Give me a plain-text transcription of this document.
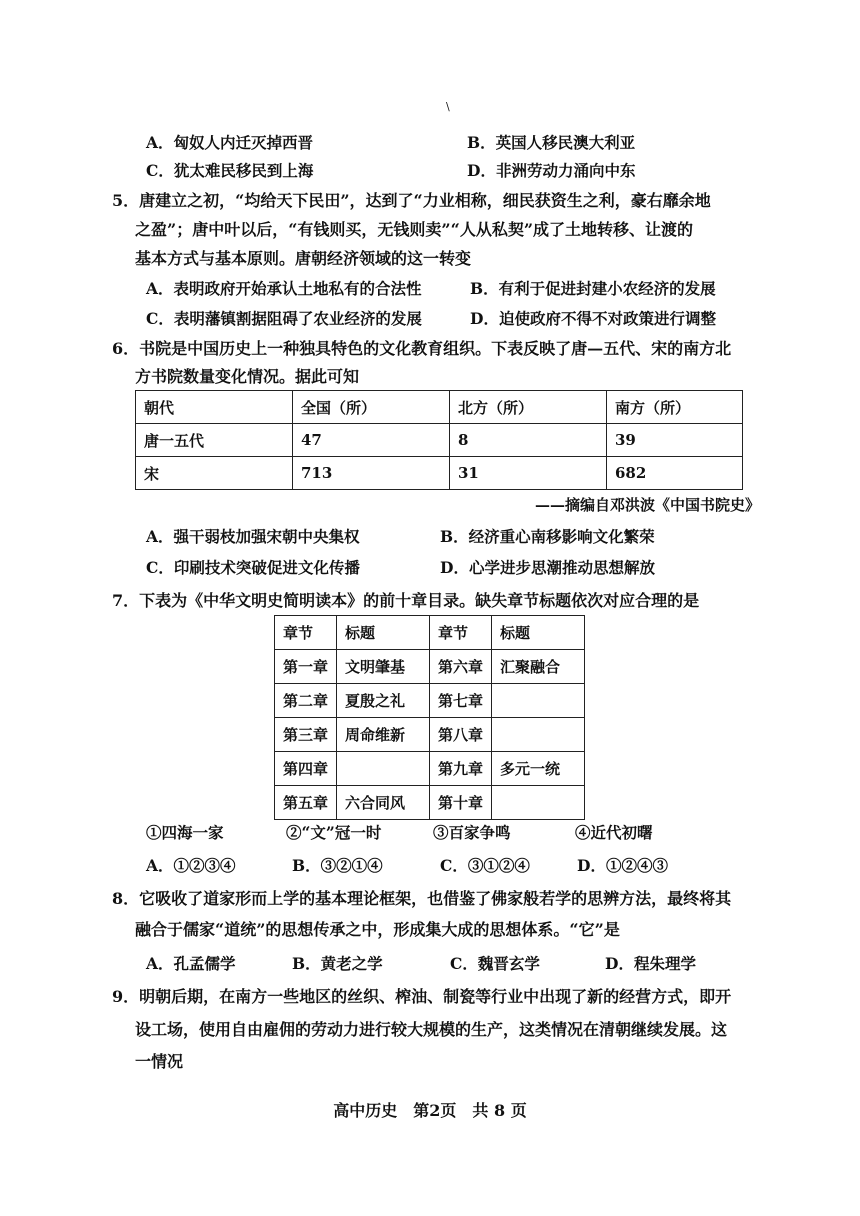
\
A．匈奴人内迁灭掉西晋	B．英国人移民澳大利亚
C．犹太难民移民到上海	D．非洲劳动力涌向中东
5．唐建立之初，“均给天下民田”，达到了“力业相称，细民获资生之利，豪右靡余地
之盈”；唐中叶以后，“有钱则买，无钱则卖”“人从私契”成了土地转移、让渡的
基本方式与基本原则。唐朝经济领域的这一转变
A．表明政府开始承认土地私有的合法性	B．有利于促进封建小农经济的发展
C．表明藩镇割据阻碍了农业经济的发展	D．迫使政府不得不对政策进行调整
6．书院是中国历史上一种独具特色的文化教育组织。下表反映了唐—五代、宋的南方北
方书院数量变化情况。据此可知
朝代	全国（所）	北方（所）	南方（所）
唐一五代	47	8	39
宋	713	31	682
——摘编自邓洪波《中国书院史》
A．强干弱枝加强宋朝中央集权	B．经济重心南移影响文化繁荣
C．印刷技术突破促进文化传播	D．心学进步思潮推动思想解放
7．下表为《中华文明史简明读本》的前十章目录。缺失章节标题依次对应合理的是
章节	标题	章节	标题
第一章	文明肇基	第六章	汇聚融合
第二章	夏殷之礼	第七章	
第三章	周命维新	第八章	
第四章		第九章	多元一统
第五章	六合同风	第十章	
①四海一家	②“文”冠一时	③百家争鸣	④近代初曙
A．①②③④	B．③②①④	C．③①②④	D．①②④③
8．它吸收了道家形而上学的基本理论框架，也借鉴了佛家般若学的思辨方法，最终将其
融合于儒家“道统”的思想传承之中，形成集大成的思想体系。“它”是
A．孔孟儒学	B．黄老之学	C．魏晋玄学	D．程朱理学
9．明朝后期，在南方一些地区的丝织、榨油、制瓷等行业中出现了新的经营方式，即开
设工场，使用自由雇佣的劳动力进行较大规模的生产，这类情况在清朝继续发展。这
一情况
高中历史　第2页　共 8 页
